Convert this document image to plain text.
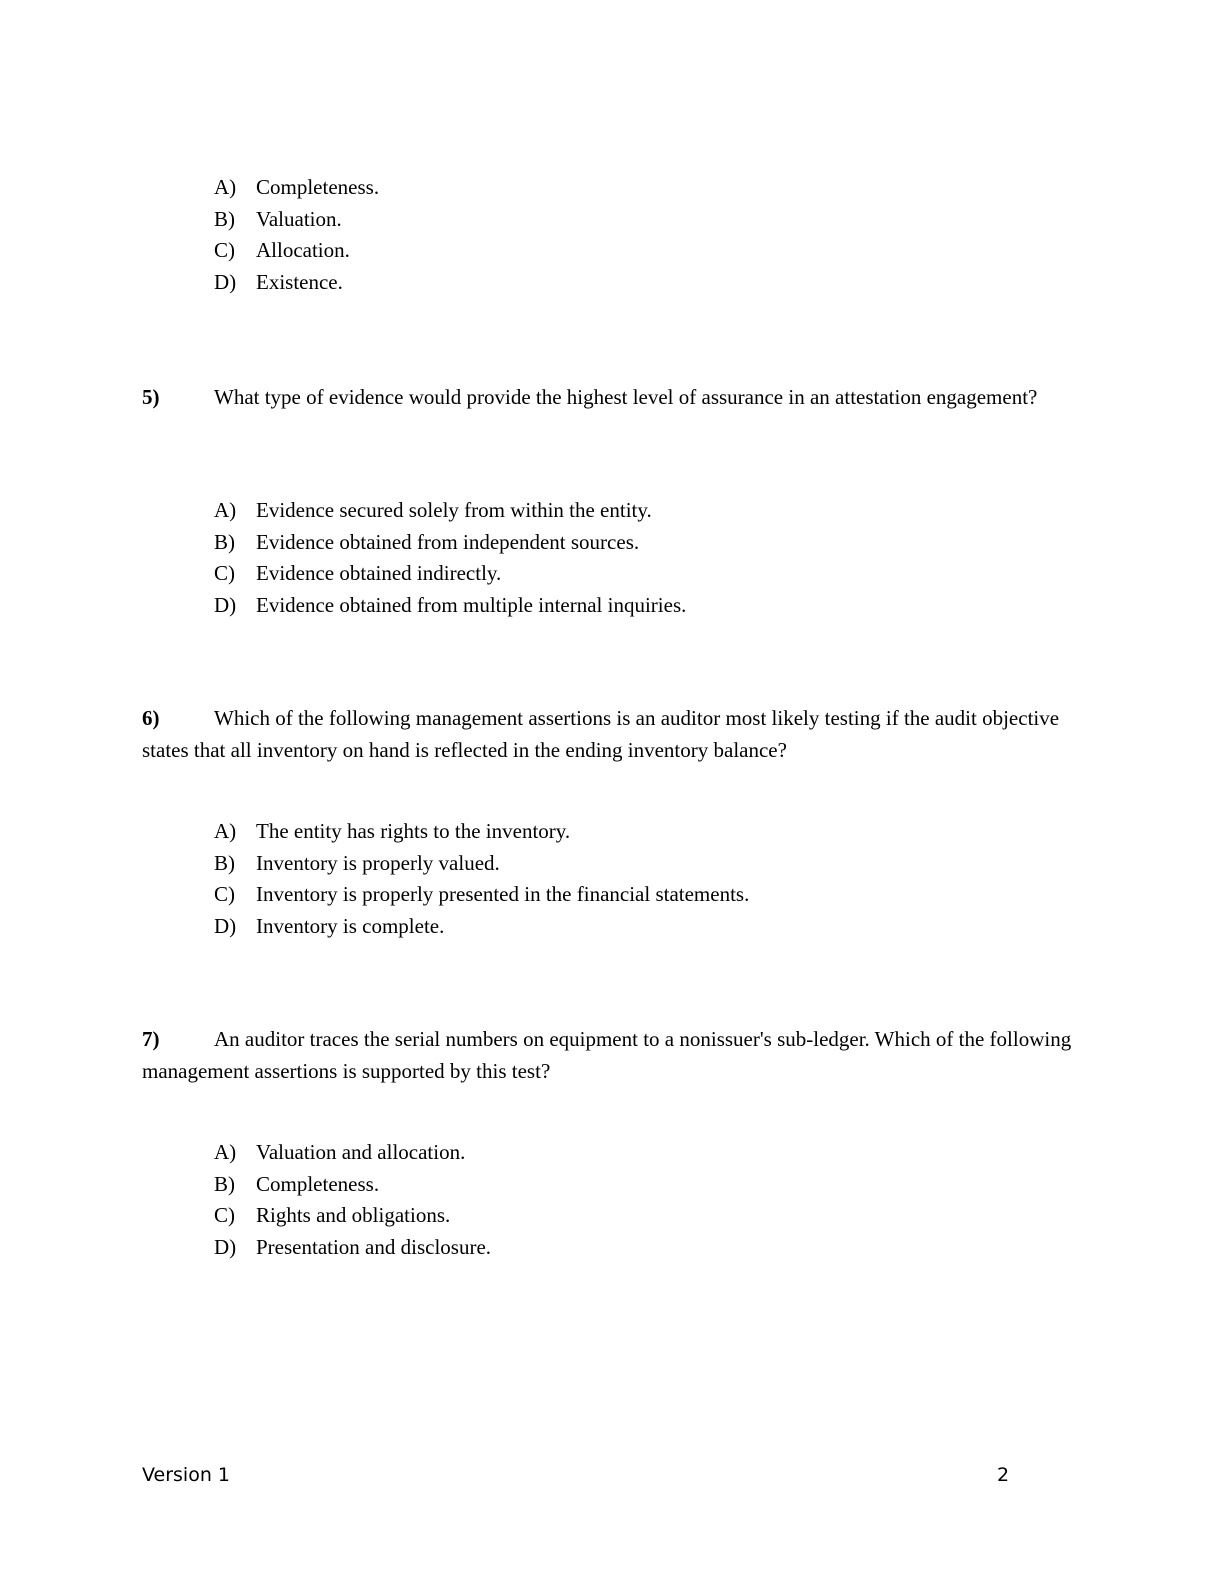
A) Completeness.
B)	Valuation.
C)	Allocation.
D) Existence.
5)	What type of evidence would provide the highest level of assurance in an attestation engagement?
A) Evidence secured solely from within the entity.
B)	Evidence obtained from independent sources.
C)	Evidence obtained indirectly.
D) Evidence obtained from multiple internal inquiries.
6)	Which of the following management assertions is an auditor most likely testing if the audit objective states that all inventory on hand is reflected in the ending inventory balance?
A) The entity has rights to the inventory.
B)	Inventory is properly valued.
C)	Inventory is properly presented in the financial statements.
D) Inventory is complete.
7)	An auditor traces the serial numbers on equipment to a nonissuer's sub-ledger. Which of the following management assertions is supported by this test?
A) Valuation and allocation.
B)	Completeness.
C)	Rights and obligations.
D) Presentation and disclosure.
Version 1	2
